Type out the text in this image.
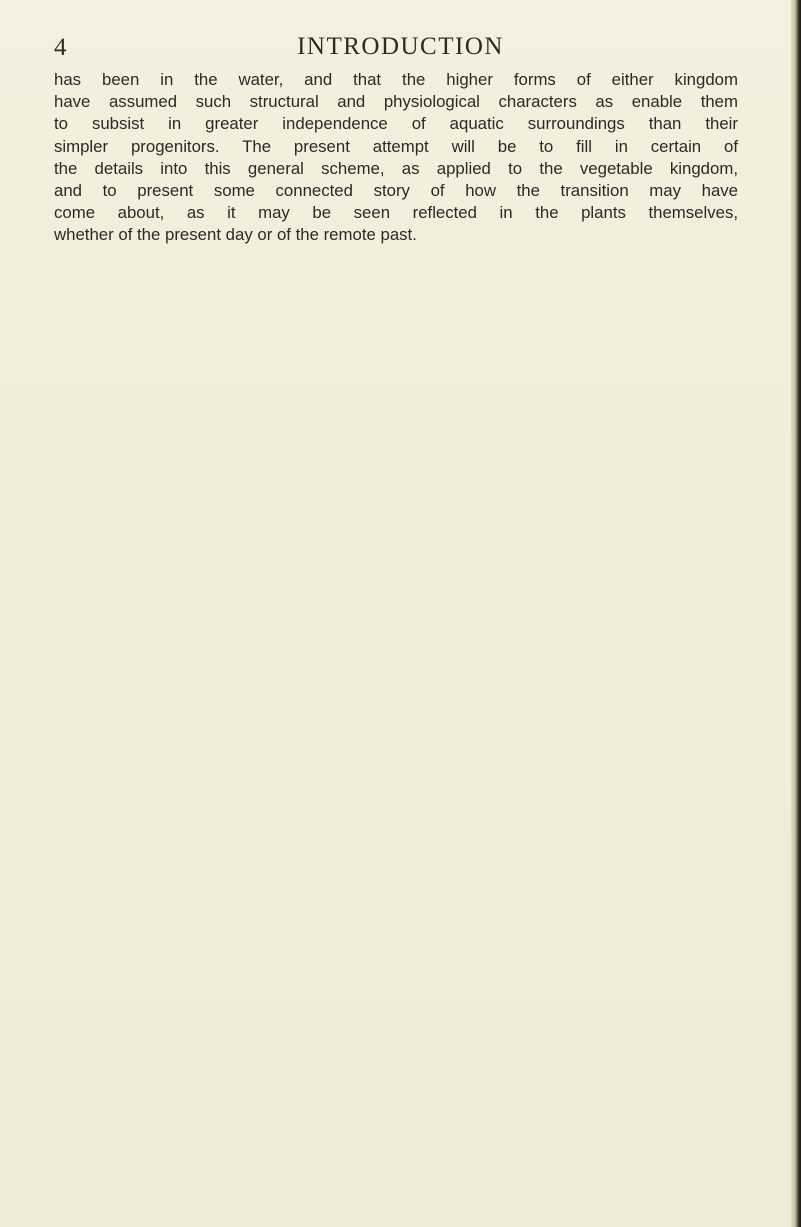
4	INTRODUCTION
has been in the water, and that the higher forms of either kingdom
have assumed such structural and physiological characters as enable them
to subsist in greater independence of aquatic surroundings than their
simpler progenitors. The present attempt will be to fill in certain of
the details into this general scheme, as applied to the vegetable kingdom,
and to present some connected story of how the transition may have
come about, as it may be seen reflected in the plants themselves,
whether of the present day or of the remote past.
